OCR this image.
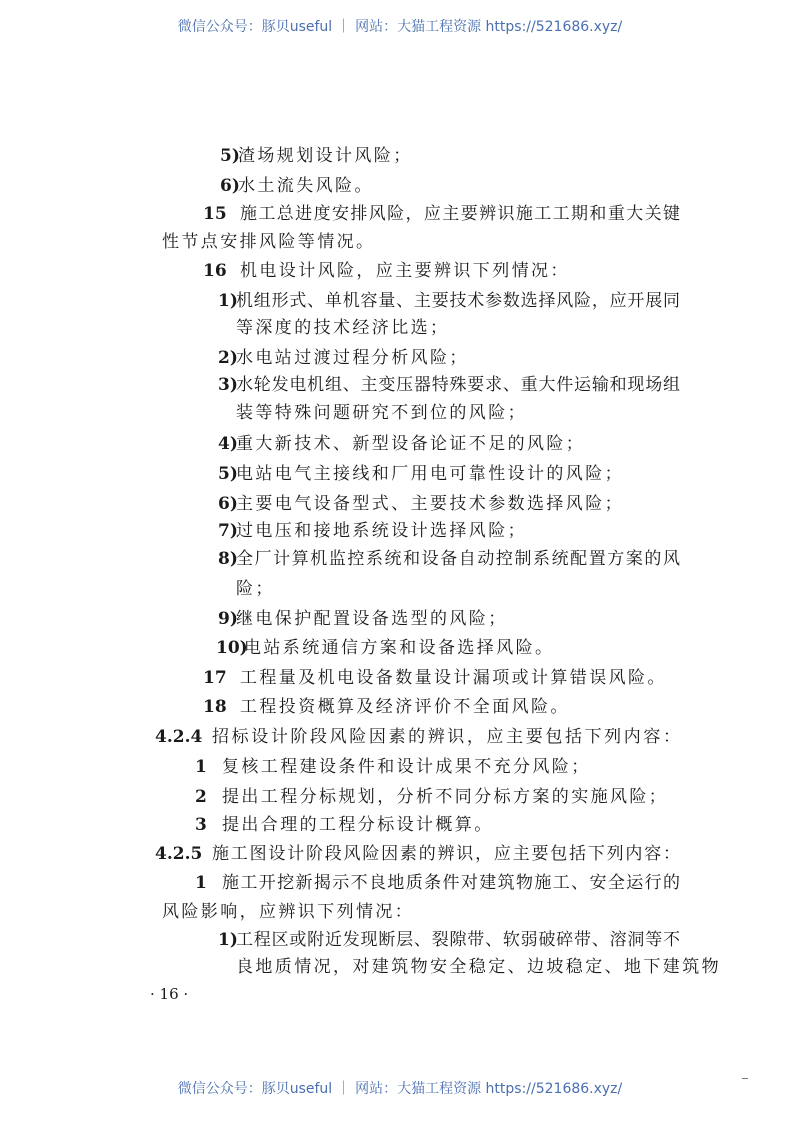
微信公众号：豚贝useful ｜ 网站：大猫工程资源 https://521686.xyz/
5)
渣场规划设计风险；
6)
水土流失风险。
15 施工总进度安排风险，应主要辨识施工工期和重大关键
性节点安排风险等情况。
16 机电设计风险，应主要辨识下列情况：
1)
机组形式、单机容量、主要技术参数选择风险，应开展同
等深度的技术经济比选；
2)
水电站过渡过程分析风险；
3)
水轮发电机组、主变压器特殊要求、重大件运输和现场组
装等特殊问题研究不到位的风险；
4)
重大新技术、新型设备论证不足的风险；
5)
电站电气主接线和厂用电可靠性设计的风险；
6)
主要电气设备型式、主要技术参数选择风险；
7)
过电压和接地系统设计选择风险；
8)
全厂计算机监控系统和设备自动控制系统配置方案的风
险；
9)
继电保护配置设备选型的风险；
10)
电站系统通信方案和设备选择风险。
17 工程量及机电设备数量设计漏项或计算错误风险。
18 工程投资概算及经济评价不全面风险。
4.2.4 招标设计阶段风险因素的辨识，应主要包括下列内容：
1 复核工程建设条件和设计成果不充分风险；
2 提出工程分标规划，分析不同分标方案的实施风险；
3 提出合理的工程分标设计概算。
4.2.5 施工图设计阶段风险因素的辨识，应主要包括下列内容：
1 施工开挖新揭示不良地质条件对建筑物施工、安全运行的
风险影响，应辨识下列情况：
1)
工程区或附近发现断层、裂隙带、软弱破碎带、溶洞等不
良地质情况，对建筑物安全稳定、边坡稳定、地下建筑物
· 16 ·
微信公众号：豚贝useful ｜ 网站：大猫工程资源 https://521686.xyz/
